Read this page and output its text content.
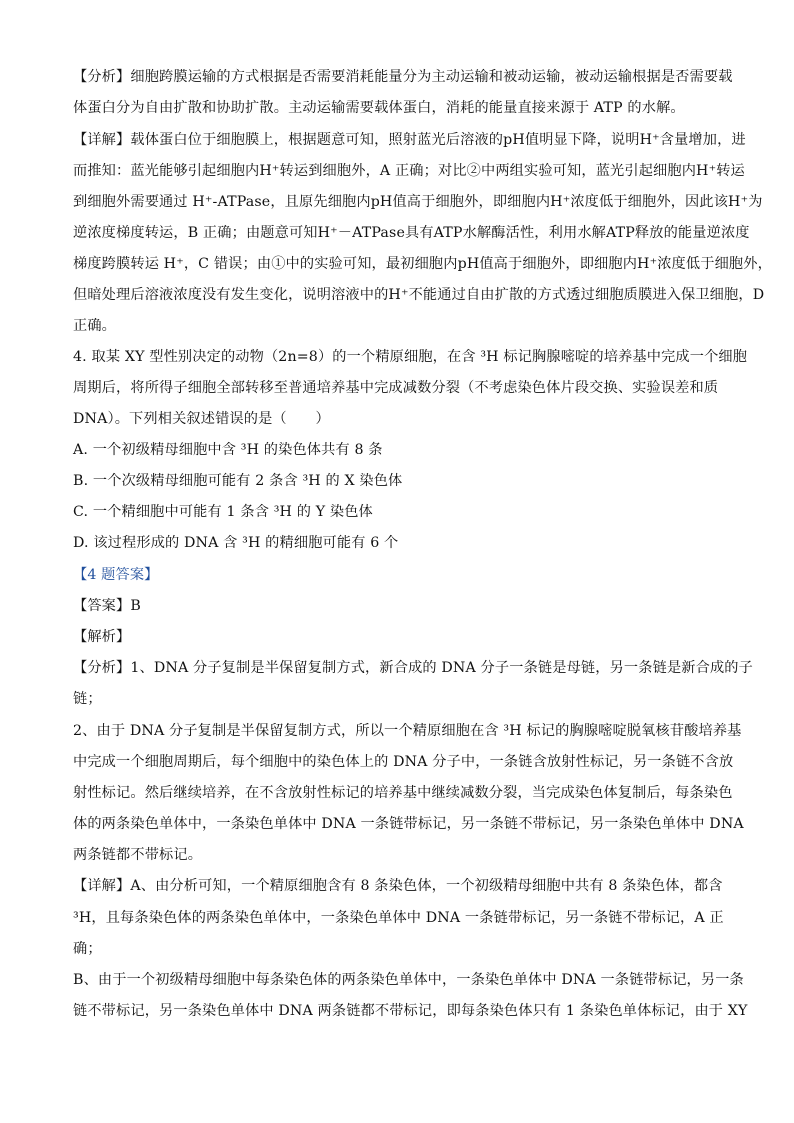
【分析】细胞跨膜运输的方式根据是否需要消耗能量分为主动运输和被动运输，被动运输根据是否需要载
体蛋白分为自由扩散和协助扩散。主动运输需要载体蛋白，消耗的能量直接来源于 ATP 的水解。
【详解】载体蛋白位于细胞膜上，根据题意可知，照射蓝光后溶液的pH值明显下降，说明H⁺含量增加，进
而推知：蓝光能够引起细胞内H⁺转运到细胞外，A 正确；对比②中两组实验可知，蓝光引起细胞内H⁺转运
到细胞外需要通过 H⁺-ATPase，且原先细胞内pH值高于细胞外，即细胞内H⁺浓度低于细胞外，因此该H⁺为
逆浓度梯度转运，B 正确；由题意可知H⁺－ATPase具有ATP水解酶活性，利用水解ATP释放的能量逆浓度
梯度跨膜转运 H⁺，C 错误；由①中的实验可知，最初细胞内pH值高于细胞外，即细胞内H⁺浓度低于细胞外，
但暗处理后溶液浓度没有发生变化，说明溶液中的H⁺不能通过自由扩散的方式透过细胞质膜进入保卫细胞，D
正确。
4. 取某 XY 型性别决定的动物（2n=8）的一个精原细胞，在含 ³H 标记胸腺嘧啶的培养基中完成一个细胞
周期后，将所得子细胞全部转移至普通培养基中完成减数分裂（不考虑染色体片段交换、实验误差和质
DNA）。下列相关叙述错误的是（　　）
A. 一个初级精母细胞中含 ³H 的染色体共有 8 条
B. 一个次级精母细胞可能有 2 条含 ³H 的 X 染色体
C. 一个精细胞中可能有 1 条含 ³H 的 Y 染色体
D. 该过程形成的 DNA 含 ³H 的精细胞可能有 6 个
【4 题答案】
【答案】B
【解析】
【分析】1、DNA 分子复制是半保留复制方式，新合成的 DNA 分子一条链是母链，另一条链是新合成的子
链；
2、由于 DNA 分子复制是半保留复制方式，所以一个精原细胞在含 ³H 标记的胸腺嘧啶脱氧核苷酸培养基
中完成一个细胞周期后，每个细胞中的染色体上的 DNA 分子中，一条链含放射性标记，另一条链不含放
射性标记。然后继续培养，在不含放射性标记的培养基中继续减数分裂，当完成染色体复制后，每条染色
体的两条染色单体中，一条染色单体中 DNA 一条链带标记，另一条链不带标记，另一条染色单体中 DNA
两条链都不带标记。
【详解】A、由分析可知，一个精原细胞含有 8 条染色体，一个初级精母细胞中共有 8 条染色体，都含
³H，且每条染色体的两条染色单体中，一条染色单体中 DNA 一条链带标记，另一条链不带标记，A 正
确；
B、由于一个初级精母细胞中每条染色体的两条染色单体中，一条染色单体中 DNA 一条链带标记，另一条
链不带标记，另一条染色单体中 DNA 两条链都不带标记，即每条染色体只有 1 条染色单体标记，由于 XY
